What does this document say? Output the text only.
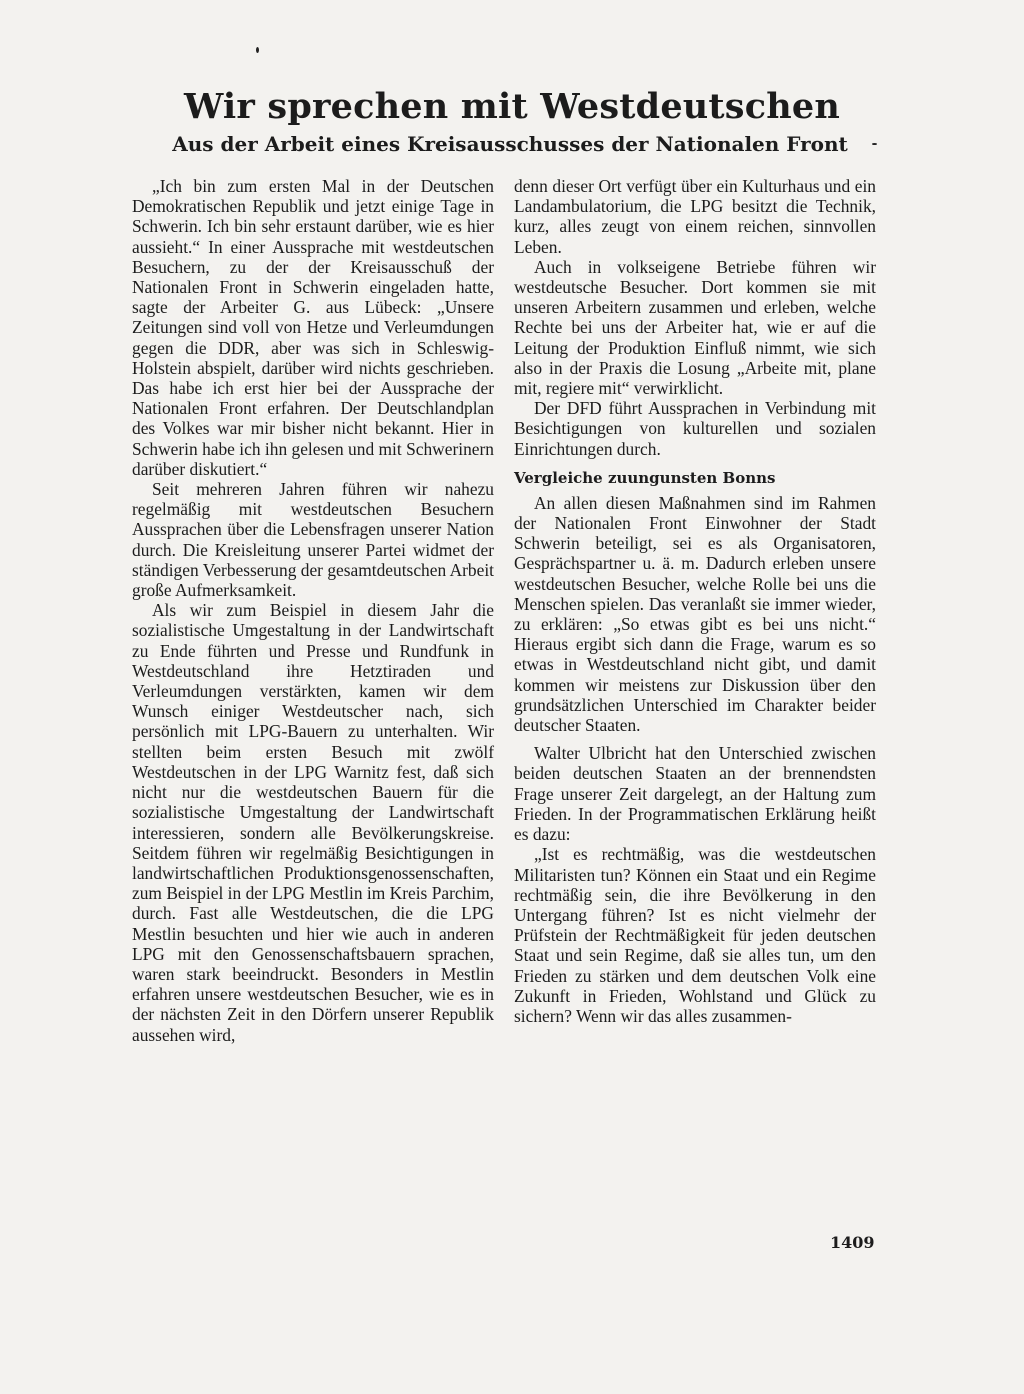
Wir sprechen mit Westdeutschen
Aus der Arbeit eines Kreisausschusses der Nationalen Front

„Ich bin zum ersten Mal in der Deutschen Demokratischen Republik und jetzt einige Tage in Schwerin. Ich bin sehr erstaunt darüber, wie es hier aussieht.“ In einer Aussprache mit westdeutschen Besuchern, zu der der Kreisausschuß der Nationalen Front in Schwerin eingeladen hatte, sagte der Arbeiter G. aus Lübeck: „Unsere Zeitungen sind voll von Hetze und Verleumdungen gegen die DDR, aber was sich in Schleswig-Holstein abspielt, darüber wird nichts geschrieben. Das habe ich erst hier bei der Aussprache der Nationalen Front erfahren. Der Deutschlandplan des Volkes war mir bisher nicht bekannt. Hier in Schwerin habe ich ihn gelesen und mit Schwerinern darüber diskutiert.“

Seit mehreren Jahren führen wir nahezu regelmäßig mit westdeutschen Besuchern Aussprachen über die Lebensfragen unserer Nation durch. Die Kreisleitung unserer Partei widmet der ständigen Verbesserung der gesamtdeutschen Arbeit große Aufmerksamkeit.

Als wir zum Beispiel in diesem Jahr die sozialistische Umgestaltung in der Landwirtschaft zu Ende führten und Presse und Rundfunk in Westdeutschland ihre Hetztiraden und Verleumdungen verstärkten, kamen wir dem Wunsch einiger Westdeutscher nach, sich persönlich mit LPG-Bauern zu unterhalten. Wir stellten beim ersten Besuch mit zwölf Westdeutschen in der LPG Warnitz fest, daß sich nicht nur die westdeutschen Bauern für die sozialistische Umgestaltung der Landwirtschaft interessieren, sondern alle Bevölkerungskreise. Seitdem führen wir regelmäßig Besichtigungen in landwirtschaftlichen Produktionsgenossenschaften, zum Beispiel in der LPG Mestlin im Kreis Parchim, durch. Fast alle Westdeutschen, die die LPG Mestlin besuchten und hier wie auch in anderen LPG mit den Genossenschaftsbauern sprachen, waren stark beeindruckt. Besonders in Mestlin erfahren unsere westdeutschen Besucher, wie es in der nächsten Zeit in den Dörfern unserer Republik aussehen wird,

denn dieser Ort verfügt über ein Kulturhaus und ein Landambulatorium, die LPG besitzt die Technik, kurz, alles zeugt von einem reichen, sinnvollen Leben.

Auch in volkseigene Betriebe führen wir westdeutsche Besucher. Dort kommen sie mit unseren Arbeitern zusammen und erleben, welche Rechte bei uns der Arbeiter hat, wie er auf die Leitung der Produktion Einfluß nimmt, wie sich also in der Praxis die Losung „Arbeite mit, plane mit, regiere mit“ verwirklicht.

Der DFD führt Aussprachen in Verbindung mit Besichtigungen von kulturellen und sozialen Einrichtungen durch.

Vergleiche zuungunsten Bonns

An allen diesen Maßnahmen sind im Rahmen der Nationalen Front Einwohner der Stadt Schwerin beteiligt, sei es als Organisatoren, Gesprächspartner u. ä. m. Dadurch erleben unsere westdeutschen Besucher, welche Rolle bei uns die Menschen spielen. Das veranlaßt sie immer wieder, zu erklären: „So etwas gibt es bei uns nicht.“ Hieraus ergibt sich dann die Frage, warum es so etwas in Westdeutschland nicht gibt, und damit kommen wir meistens zur Diskussion über den grundsätzlichen Unterschied im Charakter beider deutscher Staaten.

Walter Ulbricht hat den Unterschied zwischen beiden deutschen Staaten an der brennendsten Frage unserer Zeit dargelegt, an der Haltung zum Frieden. In der Programmatischen Erklärung heißt es dazu:

„Ist es rechtmäßig, was die westdeutschen Militaristen tun? Können ein Staat und ein Regime rechtmäßig sein, die ihre Bevölkerung in den Untergang führen? Ist es nicht vielmehr der Prüfstein der Rechtmäßigkeit für jeden deutschen Staat und sein Regime, daß sie alles tun, um den Frieden zu stärken und dem deutschen Volk eine Zukunft in Frieden, Wohlstand und Glück zu sichern? Wenn wir das alles zusammen-

1409
